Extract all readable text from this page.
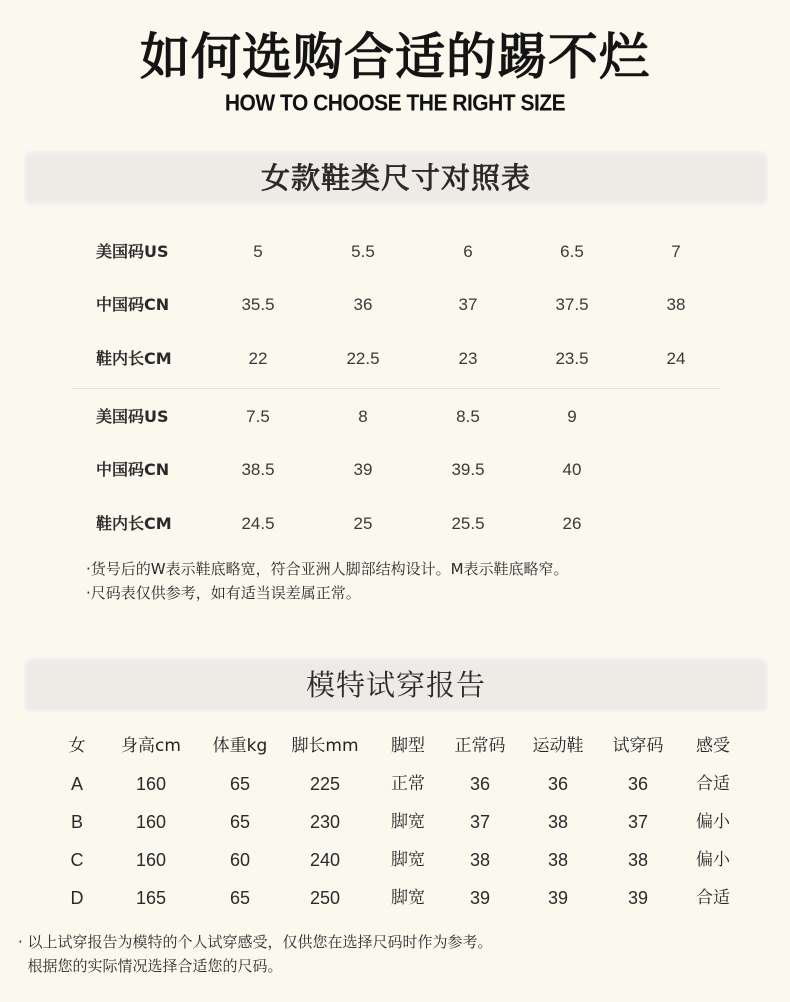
如何选购合适的踢不烂
HOW TO CHOOSE THE RIGHT SIZE
女款鞋类尺寸对照表
美国码US	5	5.5	6	6.5	7
中国码CN	35.5	36	37	37.5	38
鞋内长CM	22	22.5	23	23.5	24
美国码US	7.5	8	8.5	9
中国码CN	38.5	39	39.5	40
鞋内长CM	24.5	25	25.5	26
·货号后的W表示鞋底略宽，符合亚洲人脚部结构设计。M表示鞋底略窄。
·尺码表仅供参考，如有适当误差属正常。
模特试穿报告
女	身高cm	体重kg	脚长mm	脚型	正常码	运动鞋	试穿码	感受
A	160	65	225	正常	36	36	36	合适
B	160	65	230	脚宽	37	38	37	偏小
C	160	60	240	脚宽	38	38	38	偏小
D	165	65	250	脚宽	39	39	39	合适
· 以上试穿报告为模特的个人试穿感受，仅供您在选择尺码时作为参考。
根据您的实际情况选择合适您的尺码。
